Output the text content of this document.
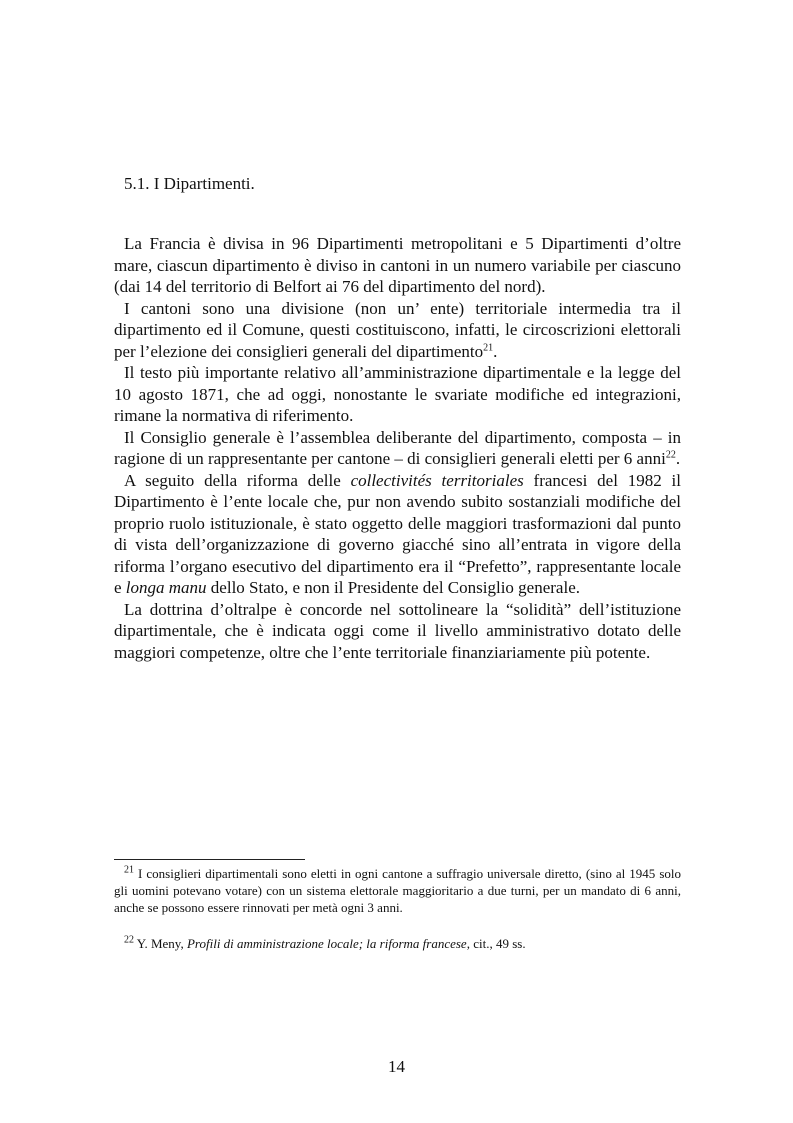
5.1. I Dipartimenti.

La Francia è divisa in 96 Dipartimenti metropolitani e 5 Dipartimenti d’oltre mare, ciascun dipartimento è diviso in cantoni in un numero variabile per ciascuno (dai 14 del territorio di Belfort ai 76 del dipartimento del nord).

I cantoni sono una divisione (non un’ ente) territoriale intermedia tra il dipartimento ed il Comune, questi costituiscono, infatti, le circoscrizioni elettorali per l’elezione dei consiglieri generali del dipartimento$^{21}$.

Il testo più importante relativo all’amministrazione dipartimentale e la legge del 10 agosto 1871, che ad oggi, nonostante le svariate modifiche ed integrazioni, rimane la normativa di riferimento.

Il Consiglio generale è l’assemblea deliberante del dipartimento, composta – in ragione di un rappresentante per cantone – di consiglieri generali eletti per 6 anni$^{22}$.

A seguito della riforma delle collectivités territoriales francesi del 1982 il Dipartimento è l’ente locale che, pur non avendo subito sostanziali modifiche del proprio ruolo istituzionale, è stato oggetto delle maggiori trasformazioni dal punto di vista dell’organizzazione di governo giacché sino all’entrata in vigore della riforma l’organo esecutivo del dipartimento era il “Prefetto”, rappresentante locale e longa manu dello Stato, e non il Presidente del Consiglio generale.

La dottrina d’oltralpe è concorde nel sottolineare la “solidità” dell’istituzione dipartimentale, che è indicata oggi come il livello amministrativo dotato delle maggiori competenze, oltre che l’ente territoriale finanziariamente più potente.

$^{21}$ I consiglieri dipartimentali sono eletti in ogni cantone a suffragio universale diretto, (sino al 1945 solo gli uomini potevano votare) con un sistema elettorale maggioritario a due turni, per un mandato di 6 anni, anche se possono essere rinnovati per metà ogni 3 anni.

$^{22}$ Y. Meny, Profili di amministrazione locale; la riforma francese, cit., 49 ss.

14
